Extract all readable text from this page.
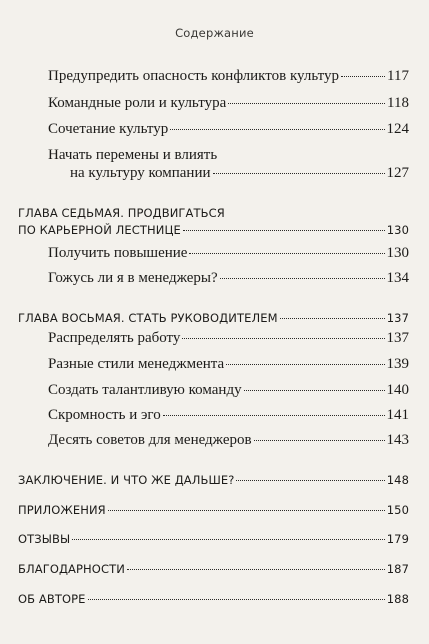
Содержание
Предупредить опасность конфликтов культур	117
Командные роли и культура	118
Сочетание культур	124
Начать перемены и влиять
на культуру компании	127
ГЛАВА СЕДЬМАЯ. ПРОДВИГАТЬСЯ
ПО КАРЬЕРНОЙ ЛЕСТНИЦЕ	130
Получить повышение	130
Гожусь ли я в менеджеры?	134
ГЛАВА ВОСЬМАЯ. СТАТЬ РУКОВОДИТЕЛЕМ	137
Распределять работу	137
Разные стили менеджмента	139
Создать талантливую команду	140
Скромность и эго	141
Десять советов для менеджеров	143
ЗАКЛЮЧЕНИЕ. И ЧТО ЖЕ ДАЛЬШЕ?	148
ПРИЛОЖЕНИЯ	150
ОТЗЫВЫ	179
БЛАГОДАРНОСТИ	187
ОБ АВТОРЕ	188
